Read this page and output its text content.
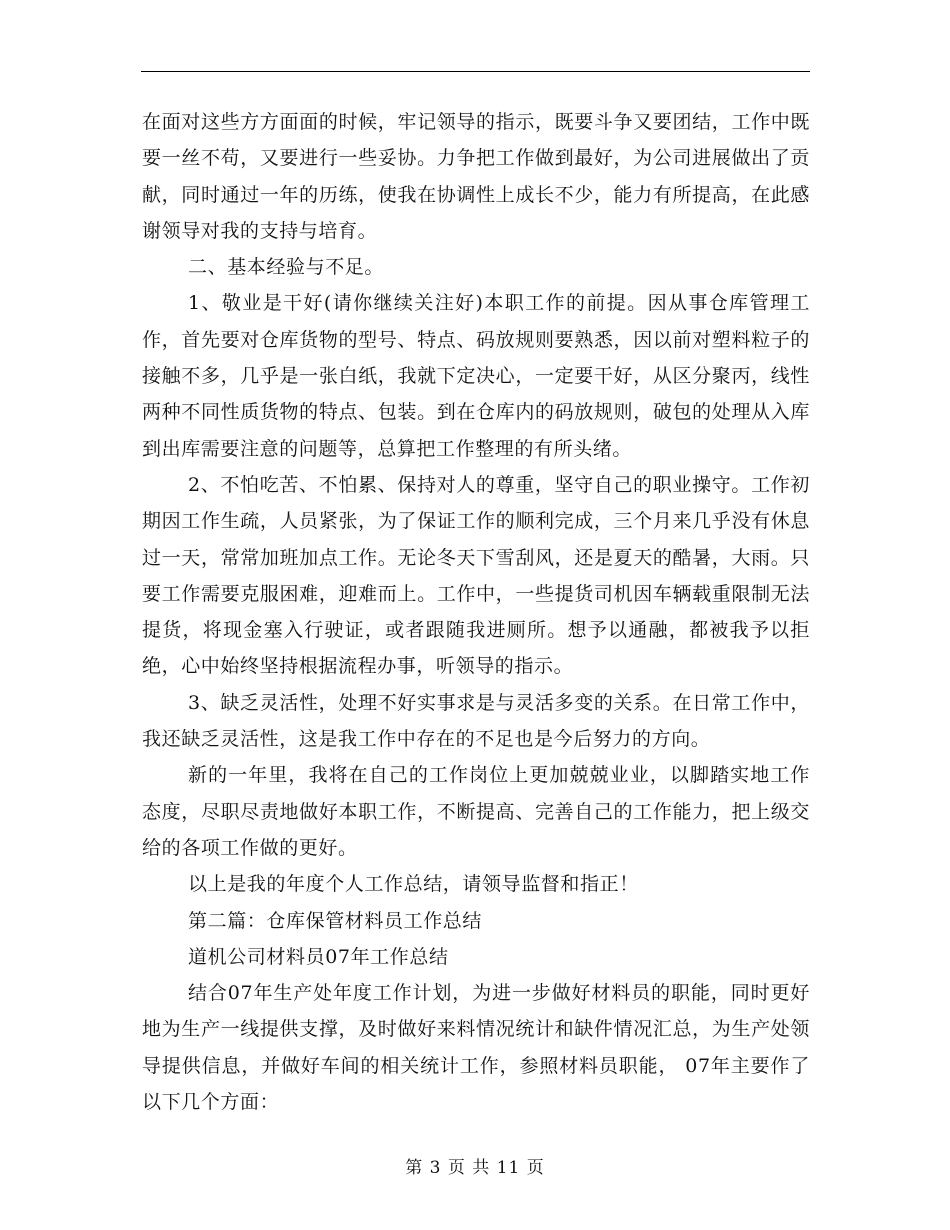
在面对这些方方面面的时候，牢记领导的指示，既要斗争又要团结，工作中既要一丝不苟，又要进行一些妥协。力争把工作做到最好，为公司进展做出了贡献，同时通过一年的历练，使我在协调性上成长不少，能力有所提高，在此感谢领导对我的支持与培育。

二、基本经验与不足。

1、敬业是干好(请你继续关注好)本职工作的前提。因从事仓库管理工作，首先要对仓库货物的型号、特点、码放规则要熟悉，因以前对塑料粒子的接触不多，几乎是一张白纸，我就下定决心，一定要干好，从区分聚丙，线性两种不同性质货物的特点、包装。到在仓库内的码放规则，破包的处理从入库到出库需要注意的问题等，总算把工作整理的有所头绪。

2、不怕吃苦、不怕累、保持对人的尊重，坚守自己的职业操守。工作初期因工作生疏，人员紧张，为了保证工作的顺利完成，三个月来几乎没有休息过一天，常常加班加点工作。无论冬天下雪刮风，还是夏天的酷暑，大雨。只要工作需要克服困难，迎难而上。工作中，一些提货司机因车辆载重限制无法提货，将现金塞入行驶证，或者跟随我进厕所。想予以通融，都被我予以拒绝，心中始终坚持根据流程办事，听领导的指示。

3、缺乏灵活性，处理不好实事求是与灵活多变的关系。在日常工作中，我还缺乏灵活性，这是我工作中存在的不足也是今后努力的方向。

新的一年里，我将在自己的工作岗位上更加兢兢业业，以脚踏实地工作态度，尽职尽责地做好本职工作，不断提高、完善自己的工作能力，把上级交给的各项工作做的更好。

以上是我的年度个人工作总结，请领导监督和指正！

第二篇：仓库保管材料员工作总结

道机公司材料员07年工作总结

结合07年生产处年度工作计划，为进一步做好材料员的职能，同时更好地为生产一线提供支撑，及时做好来料情况统计和缺件情况汇总，为生产处领导提供信息，并做好车间的相关统计工作，参照材料员职能， 07年主要作了以下几个方面：

第 3 页 共 11 页
